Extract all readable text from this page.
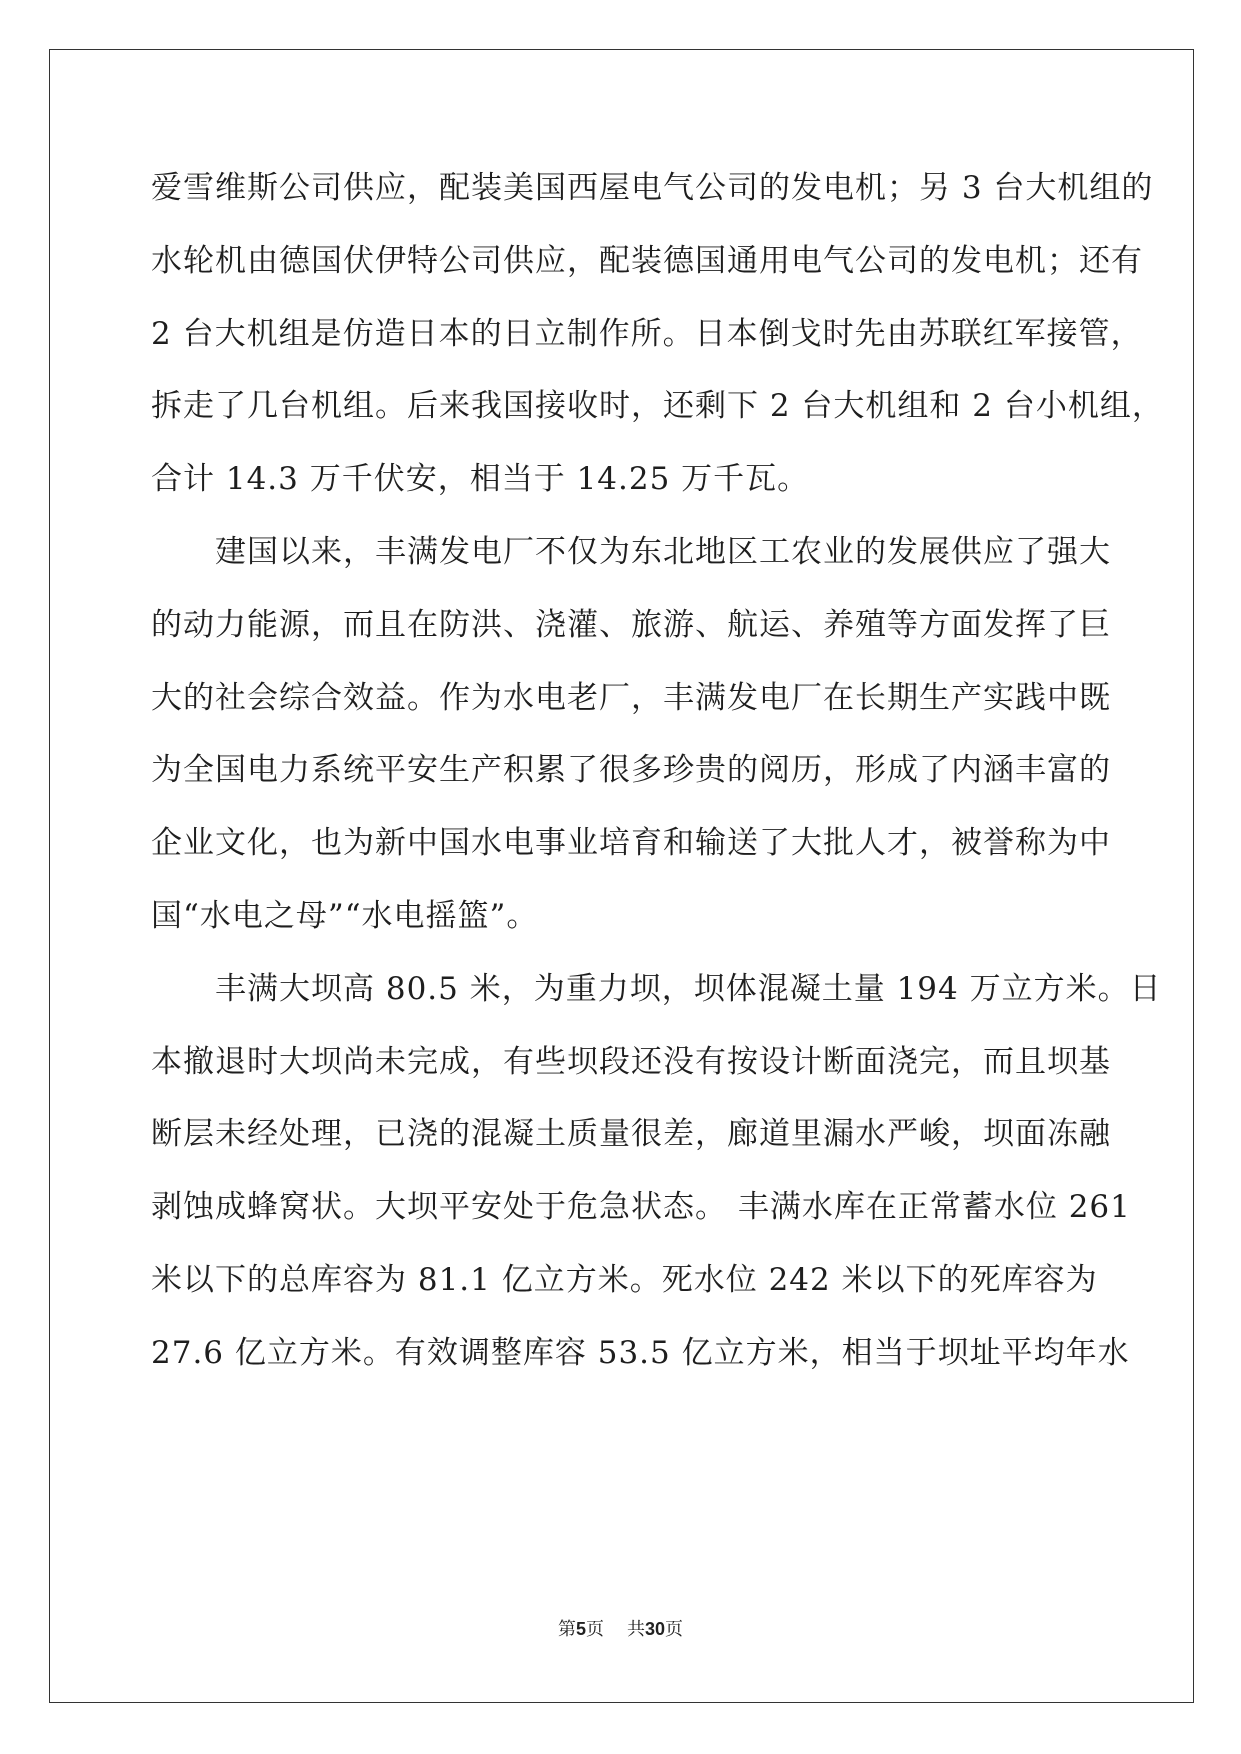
爱雪维斯公司供应，配装美国西屋电气公司的发电机；另 3 台大机组的
水轮机由德国伏伊特公司供应，配装德国通用电气公司的发电机；还有
2 台大机组是仿造日本的日立制作所。日本倒戈时先由苏联红军接管，
拆走了几台机组。后来我国接收时，还剩下 2 台大机组和 2 台小机组，
合计 14.3 万千伏安，相当于 14.25 万千瓦。
　　建国以来，丰满发电厂不仅为东北地区工农业的发展供应了强大
的动力能源，而且在防洪、浇灌、旅游、航运、养殖等方面发挥了巨
大的社会综合效益。作为水电老厂，丰满发电厂在长期生产实践中既
为全国电力系统平安生产积累了很多珍贵的阅历，形成了内涵丰富的
企业文化，也为新中国水电事业培育和输送了大批人才，被誉称为中
国“水电之母”“水电摇篮”。
　　丰满大坝高 80.5 米，为重力坝，坝体混凝土量 194 万立方米。日
本撤退时大坝尚未完成，有些坝段还没有按设计断面浇完，而且坝基
断层未经处理，已浇的混凝土质量很差，廊道里漏水严峻，坝面冻融
剥蚀成蜂窝状。大坝平安处于危急状态。 丰满水库在正常蓄水位 261
米以下的总库容为 81.1 亿立方米。死水位 242 米以下的死库容为
27.6 亿立方米。有效调整库容 53.5 亿立方米，相当于坝址平均年水
第5页 共30页
